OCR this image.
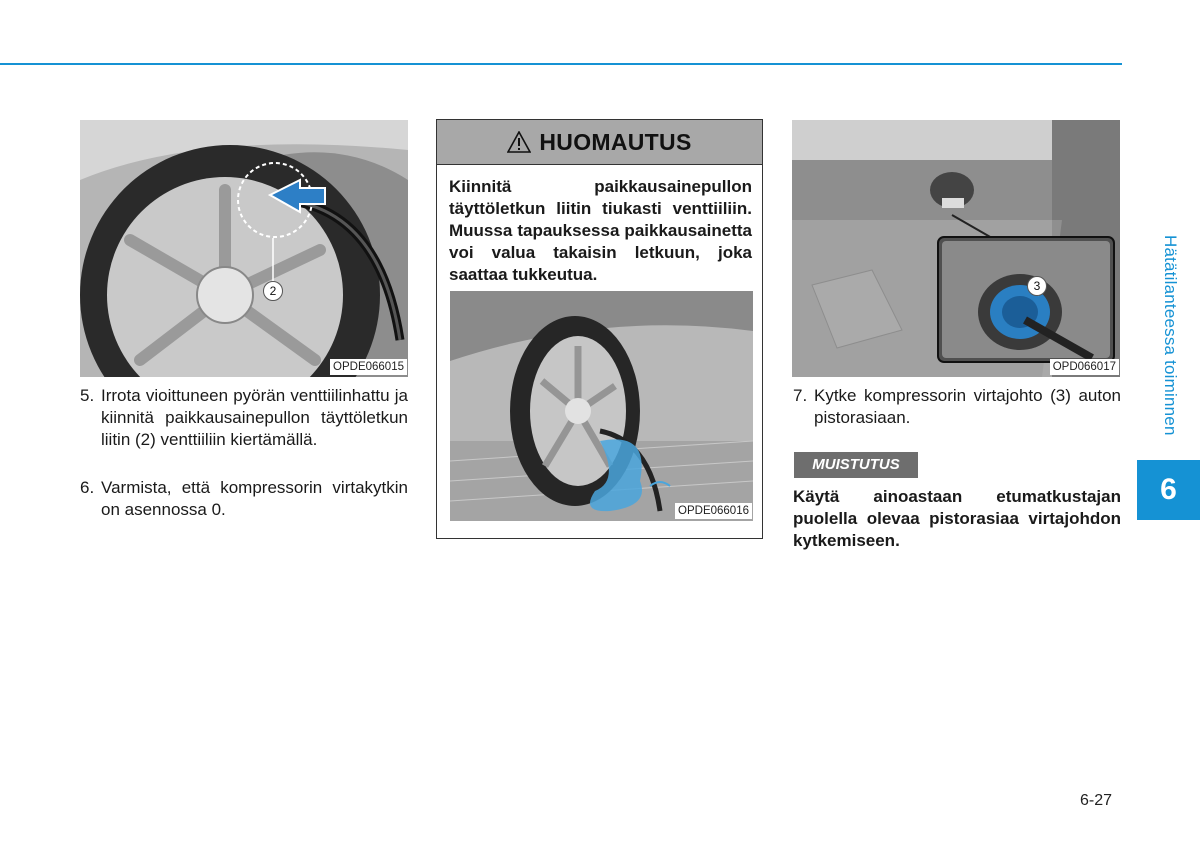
2
OPDE066015
5. Irrota vioittuneen pyörän venttiilinhattu ja kiinnitä paikkausainepullon täyttöletkun liitin (2) venttiiliin kiertämällä.
6. Varmista, että kompressorin virtakytkin on asennossa 0.
HUOMAUTUS
Kiinnitä paikkausainepullon täyttöletkun liitin tiukasti venttiiliin. Muussa tapauksessa paikkausainetta voi valua takaisin letkuun, joka saattaa tukkeutua.
OPDE066016
3
OPD066017
7. Kytke kompressorin virtajohto (3) auton pistorasiaan.
MUISTUTUS
Käytä ainoastaan etumatkustajan puolella olevaa pistorasiaa virtajohdon kytkemiseen.
Hätätilanteessa toiminnen
6
6-27
